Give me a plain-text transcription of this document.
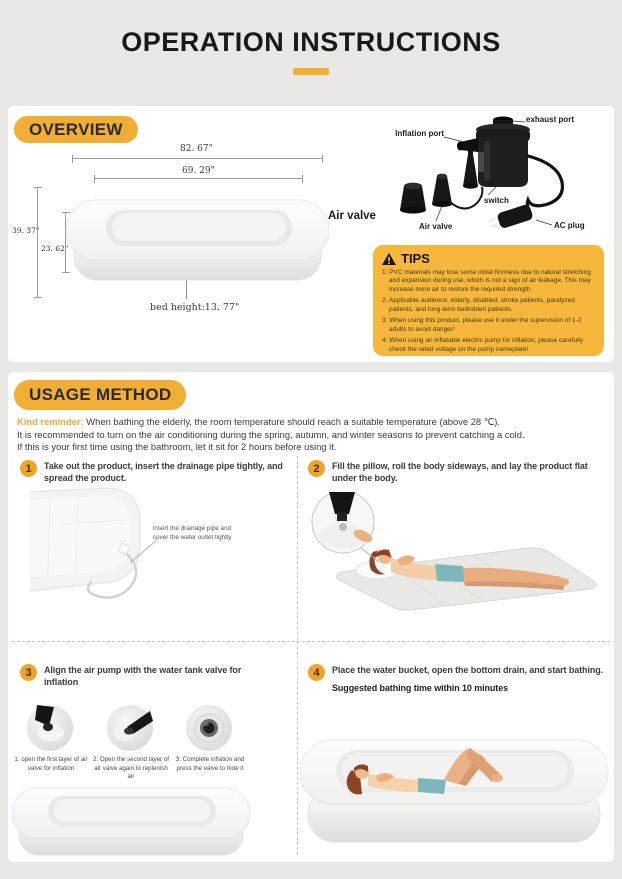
OPERATION INSTRUCTIONS
OVERVIEW
82. 67"
69. 29"
39. 37"
23. 62"
bed height:13. 77"
Air valve
Inflation port
exhaust port
switch
Air valve	AC plug
TIPS

1: PVC materials may lose some initial firmness due to natural stretching and expansion during use, which is not a sign of air leakage. This may increase more air to restore the required strength.

2: Applicable audience: elderly, disabled, stroke patients, paralyzed patients, and long-term bedridden patients.

3: When using this product, please use it under the supervision of 1-2 adults to avoid danger!

4: When using an inflatable electric pump for inflation, please carefully check the rated voltage on the pump nameplate!

USAGE METHOD
Kind reminder: When bathing the elderly, the room temperature should reach a suitable temperature (above 28 ℃).
It is recommended to turn on the air conditioning during the spring, autumn, and winter seasons to prevent catching a cold.
If this is your first time using the bathroom, let it sit for 2 hours before using it.
1	Take out the product, insert the drainage pipe tightly, and spread the product.
insert the drainage pipe and cover the water outlet tightly
2	Fill the pillow, roll the body sideways, and lay the product flat under the body.
3	Align the air pump with the water tank valve for inflation
1: open the first layer of air valve for inflation
2: Open the second layer of air valve again to replenish air
3: Complete inflation and press the valve to hide it
4	Place the water bucket, open the bottom drain, and start bathing.
Suggested bathing time within 10 minutes
